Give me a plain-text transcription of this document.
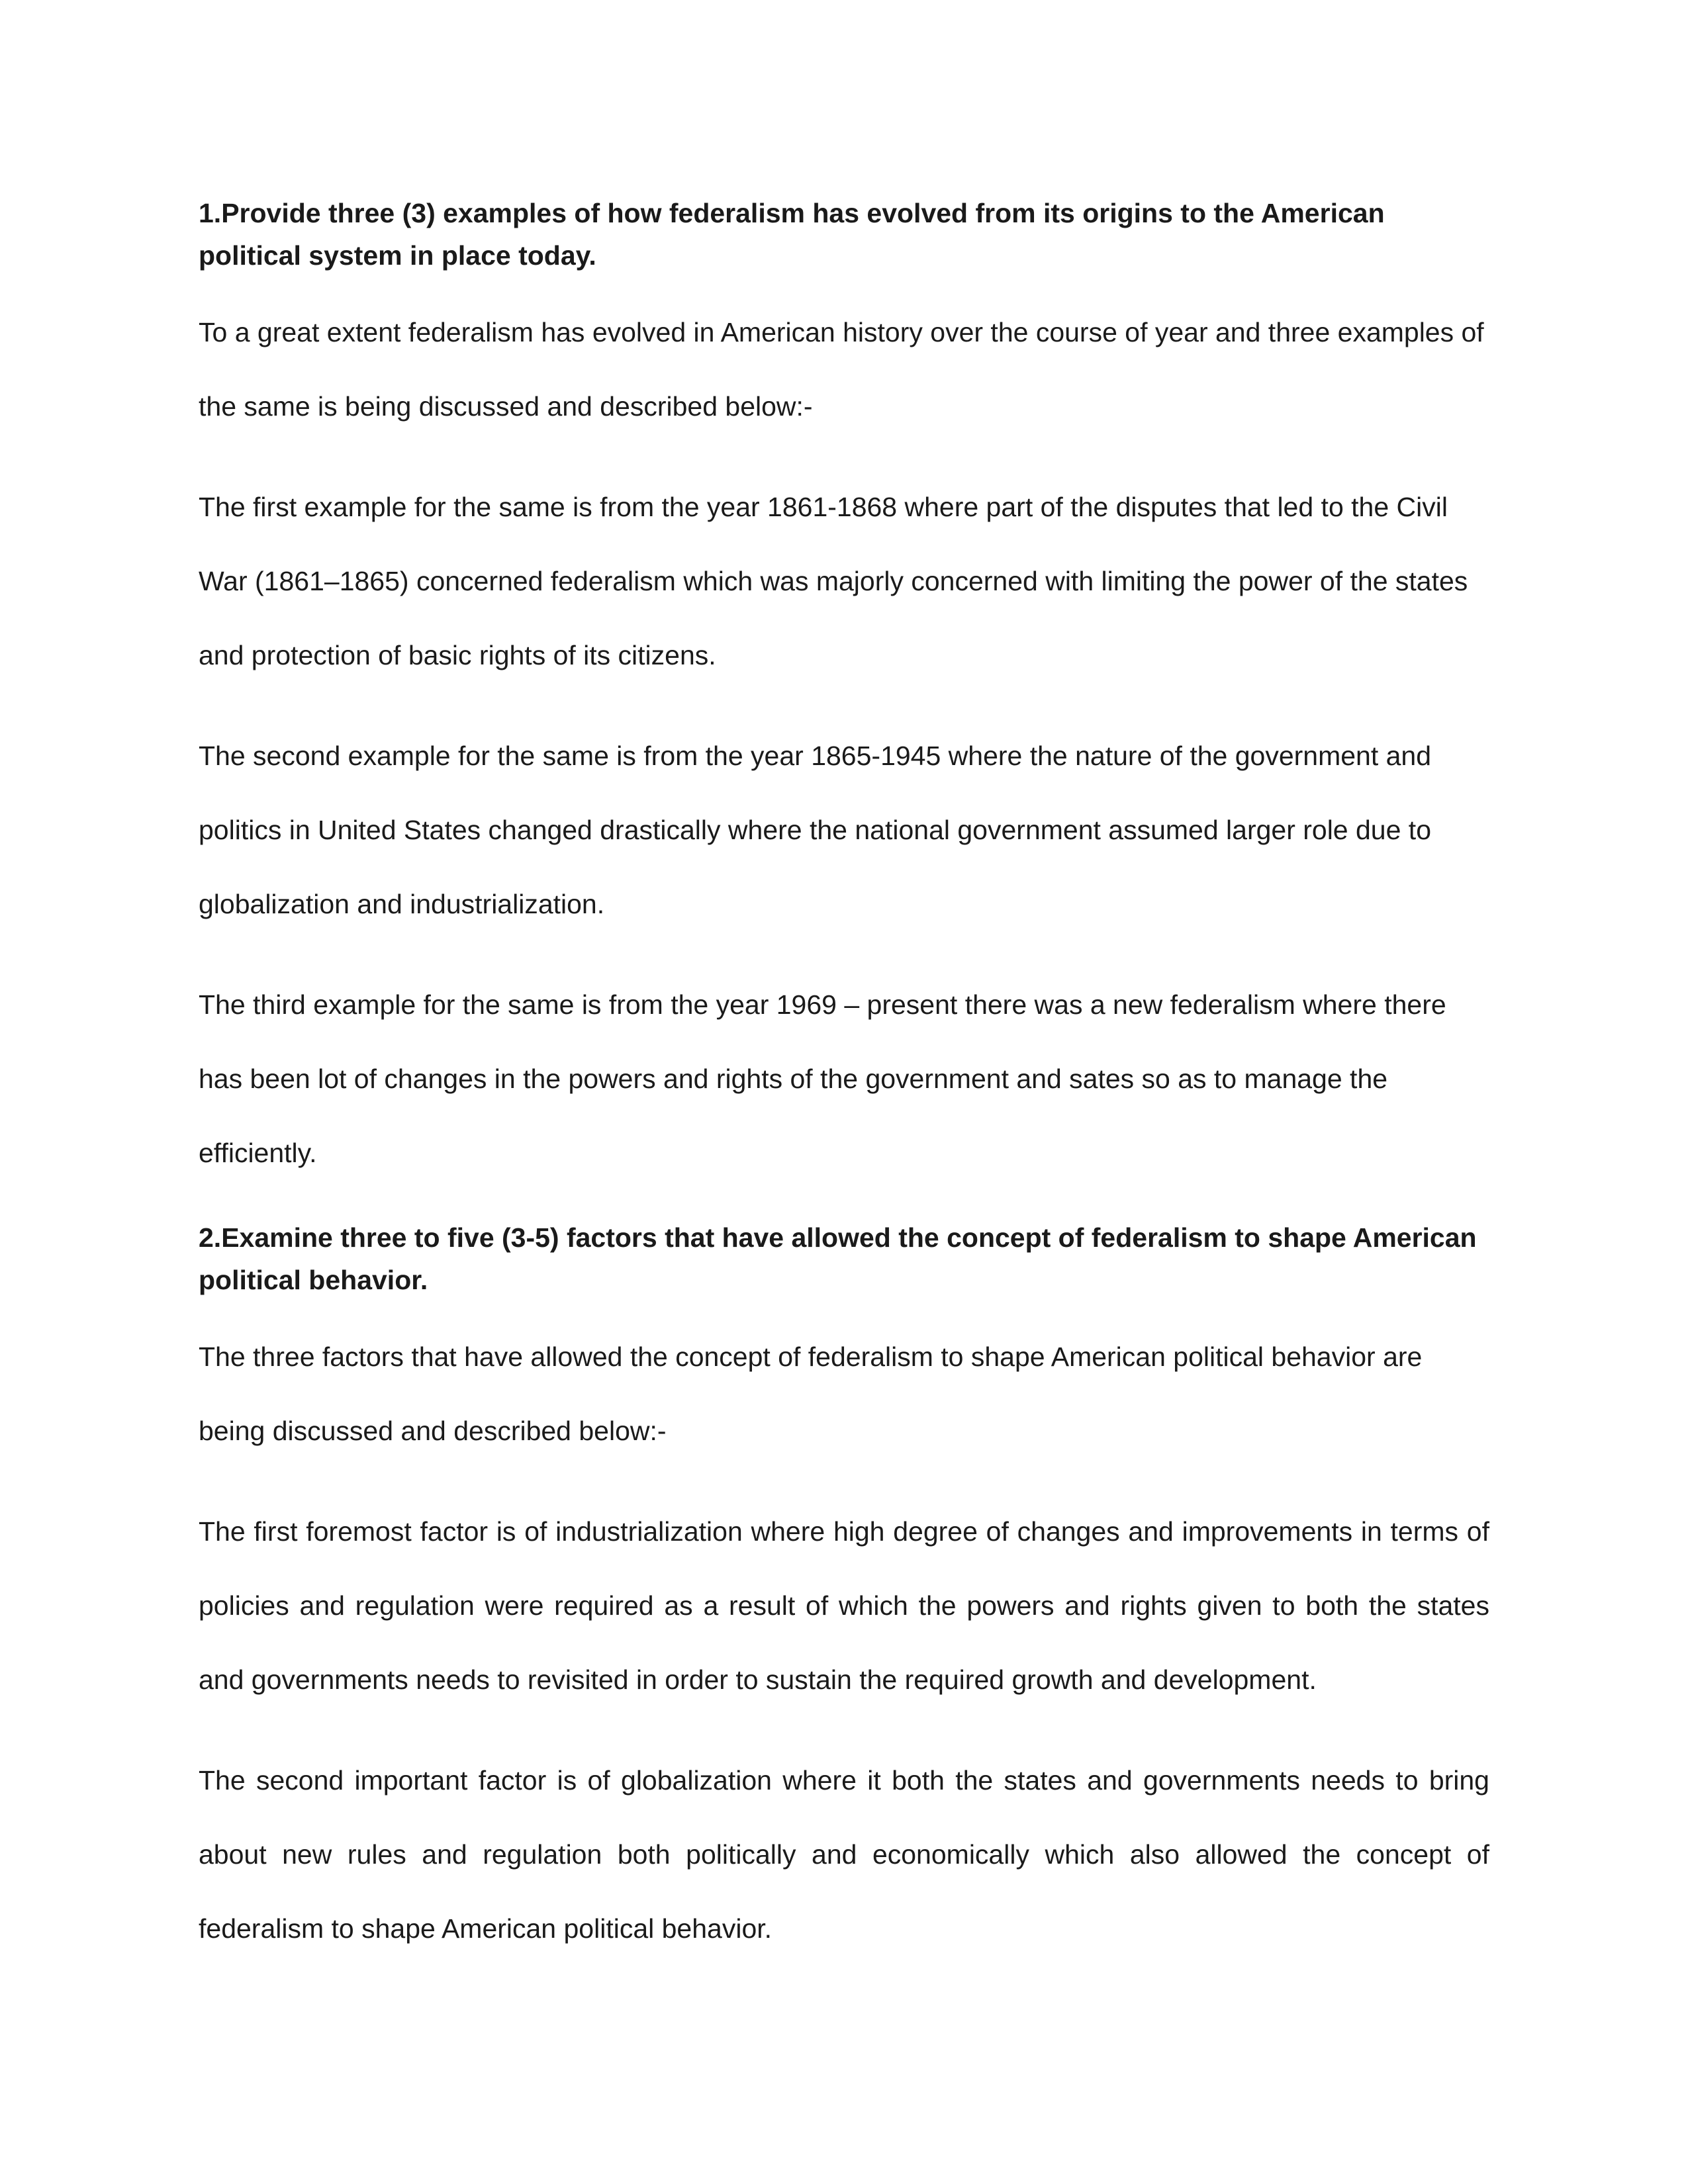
1.Provide three (3) examples of how federalism has evolved from its origins to the American political system in place today.

To a great extent federalism has evolved in American history over the course of year and three examples of the same is being discussed and described below:-

The first example for the same is from the year 1861-1868 where part of the disputes that led to the Civil War (1861–1865) concerned federalism which was majorly concerned with limiting the power of the states and protection of basic rights of its citizens.

The second example for the same is from the year 1865-1945 where the nature of the government and politics in United States changed drastically where the national government assumed larger role due to globalization and industrialization.

The third example for the same is from the year 1969 – present there was a new federalism where there has been lot of changes in the powers and rights of the government and sates so as to manage the efficiently.

2.Examine three to five (3-5) factors that have allowed the concept of federalism to shape American political behavior.

The three factors that have allowed the concept of federalism to shape American political behavior are being discussed and described below:-

The first foremost factor is of industrialization where high degree of changes and improvements in terms of policies and regulation were required as a result of which the powers and rights given to both the states and governments needs to revisited in order to sustain the required growth and development.

The second important factor is of globalization where it both the states and governments needs to bring about new rules and regulation both politically and economically which also allowed the concept of federalism to shape American political behavior.
